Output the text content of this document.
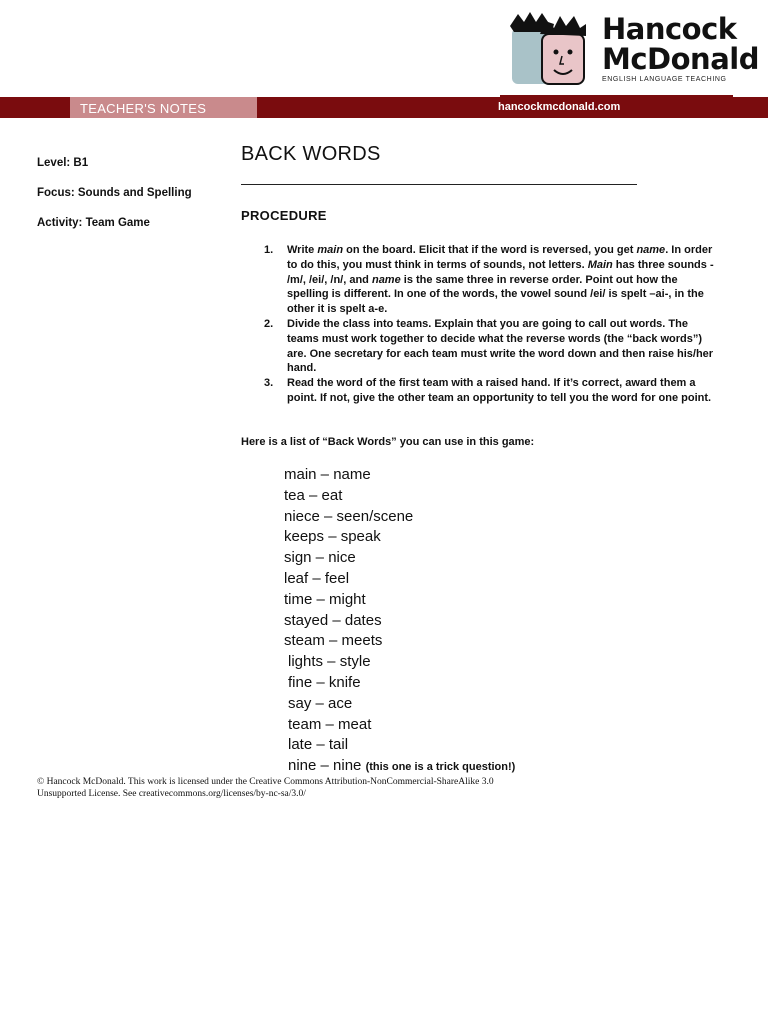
Hancock
McDonald
ENGLISH LANGUAGE TEACHING
TEACHER'S NOTES	hancockmcdonald.com
Level: B1
Focus: Sounds and Spelling
Activity: Team Game
BACK WORDS
PROCEDURE
1. Write main on the board. Elicit that if the word is reversed, you get name. In order to do this, you must think in terms of sounds, not letters. Main has three sounds - /m/, /ei/, /n/, and name is the same three in reverse order. Point out how the spelling is different. In one of the words, the vowel sound /ei/ is spelt –ai-, in the other it is spelt a-e.
2. Divide the class into teams. Explain that you are going to call out words. The teams must work together to decide what the reverse words (the “back words”) are. One secretary for each team must write the word down and then raise his/her hand.
3. Read the word of the first team with a raised hand. If it’s correct, award them a point. If not, give the other team an opportunity to tell you the word for one point.
Here is a list of “Back Words” you can use in this game:
main – name
tea – eat
niece – seen/scene
keeps – speak
sign – nice
leaf – feel
time – might
stayed – dates
steam – meets
lights – style
fine – knife
say – ace
team – meat
late – tail
nine – nine (this one is a trick question!)
© Hancock McDonald. This work is licensed under the Creative Commons Attribution-NonCommercial-ShareAlike 3.0 Unsupported License. See creativecommons.org/licenses/by-nc-sa/3.0/
